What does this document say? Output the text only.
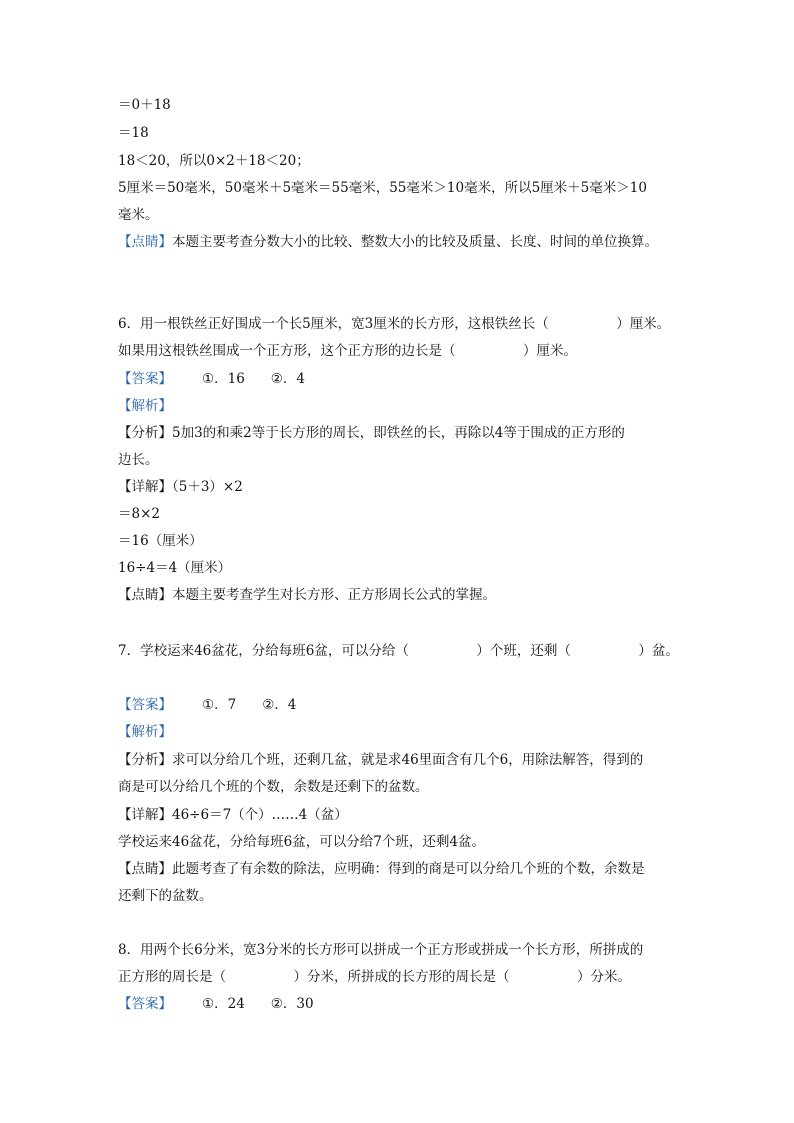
＝0＋18
＝18
18＜20，所以0×2＋18＜20；
5厘米＝50毫米，50毫米＋5毫米＝55毫米，55毫米＞10毫米，所以5厘米＋5毫米＞10
毫米。
【点睛】本题主要考查分数大小的比较、整数大小的比较及质量、长度、时间的单位换算。
6．用一根铁丝正好围成一个长5厘米，宽3厘米的长方形，这根铁丝长（　　　　　）厘米。
如果用这根铁丝围成一个正方形，这个正方形的边长是（　　　　　）厘米。
【答案】 ①．16 ②．4
【解析】
【分析】5加3的和乘2等于长方形的周长，即铁丝的长，再除以4等于围成的正方形的
边长。
【详解】（5＋3）×2
＝8×2
＝16（厘米）
16÷4＝4（厘米）
【点睛】本题主要考查学生对长方形、正方形周长公式的掌握。
7．学校运来46盆花，分给每班6盆，可以分给（　　　　　）个班，还剩（　　　　　）盆。
【答案】 ①．7 ②．4
【解析】
【分析】求可以分给几个班，还剩几盆，就是求46里面含有几个6，用除法解答，得到的
商是可以分给几个班的个数，余数是还剩下的盆数。
【详解】46÷6＝7（个）……4（盆）
学校运来46盆花，分给每班6盆，可以分给7个班，还剩4盆。
【点睛】此题考查了有余数的除法，应明确：得到的商是可以分给几个班的个数，余数是
还剩下的盆数。
8．用两个长6分米，宽3分米的长方形可以拼成一个正方形或拼成一个长方形，所拼成的
正方形的周长是（　　　　　）分米，所拼成的长方形的周长是（　　　　　）分米。
【答案】 ①．24 ②．30
